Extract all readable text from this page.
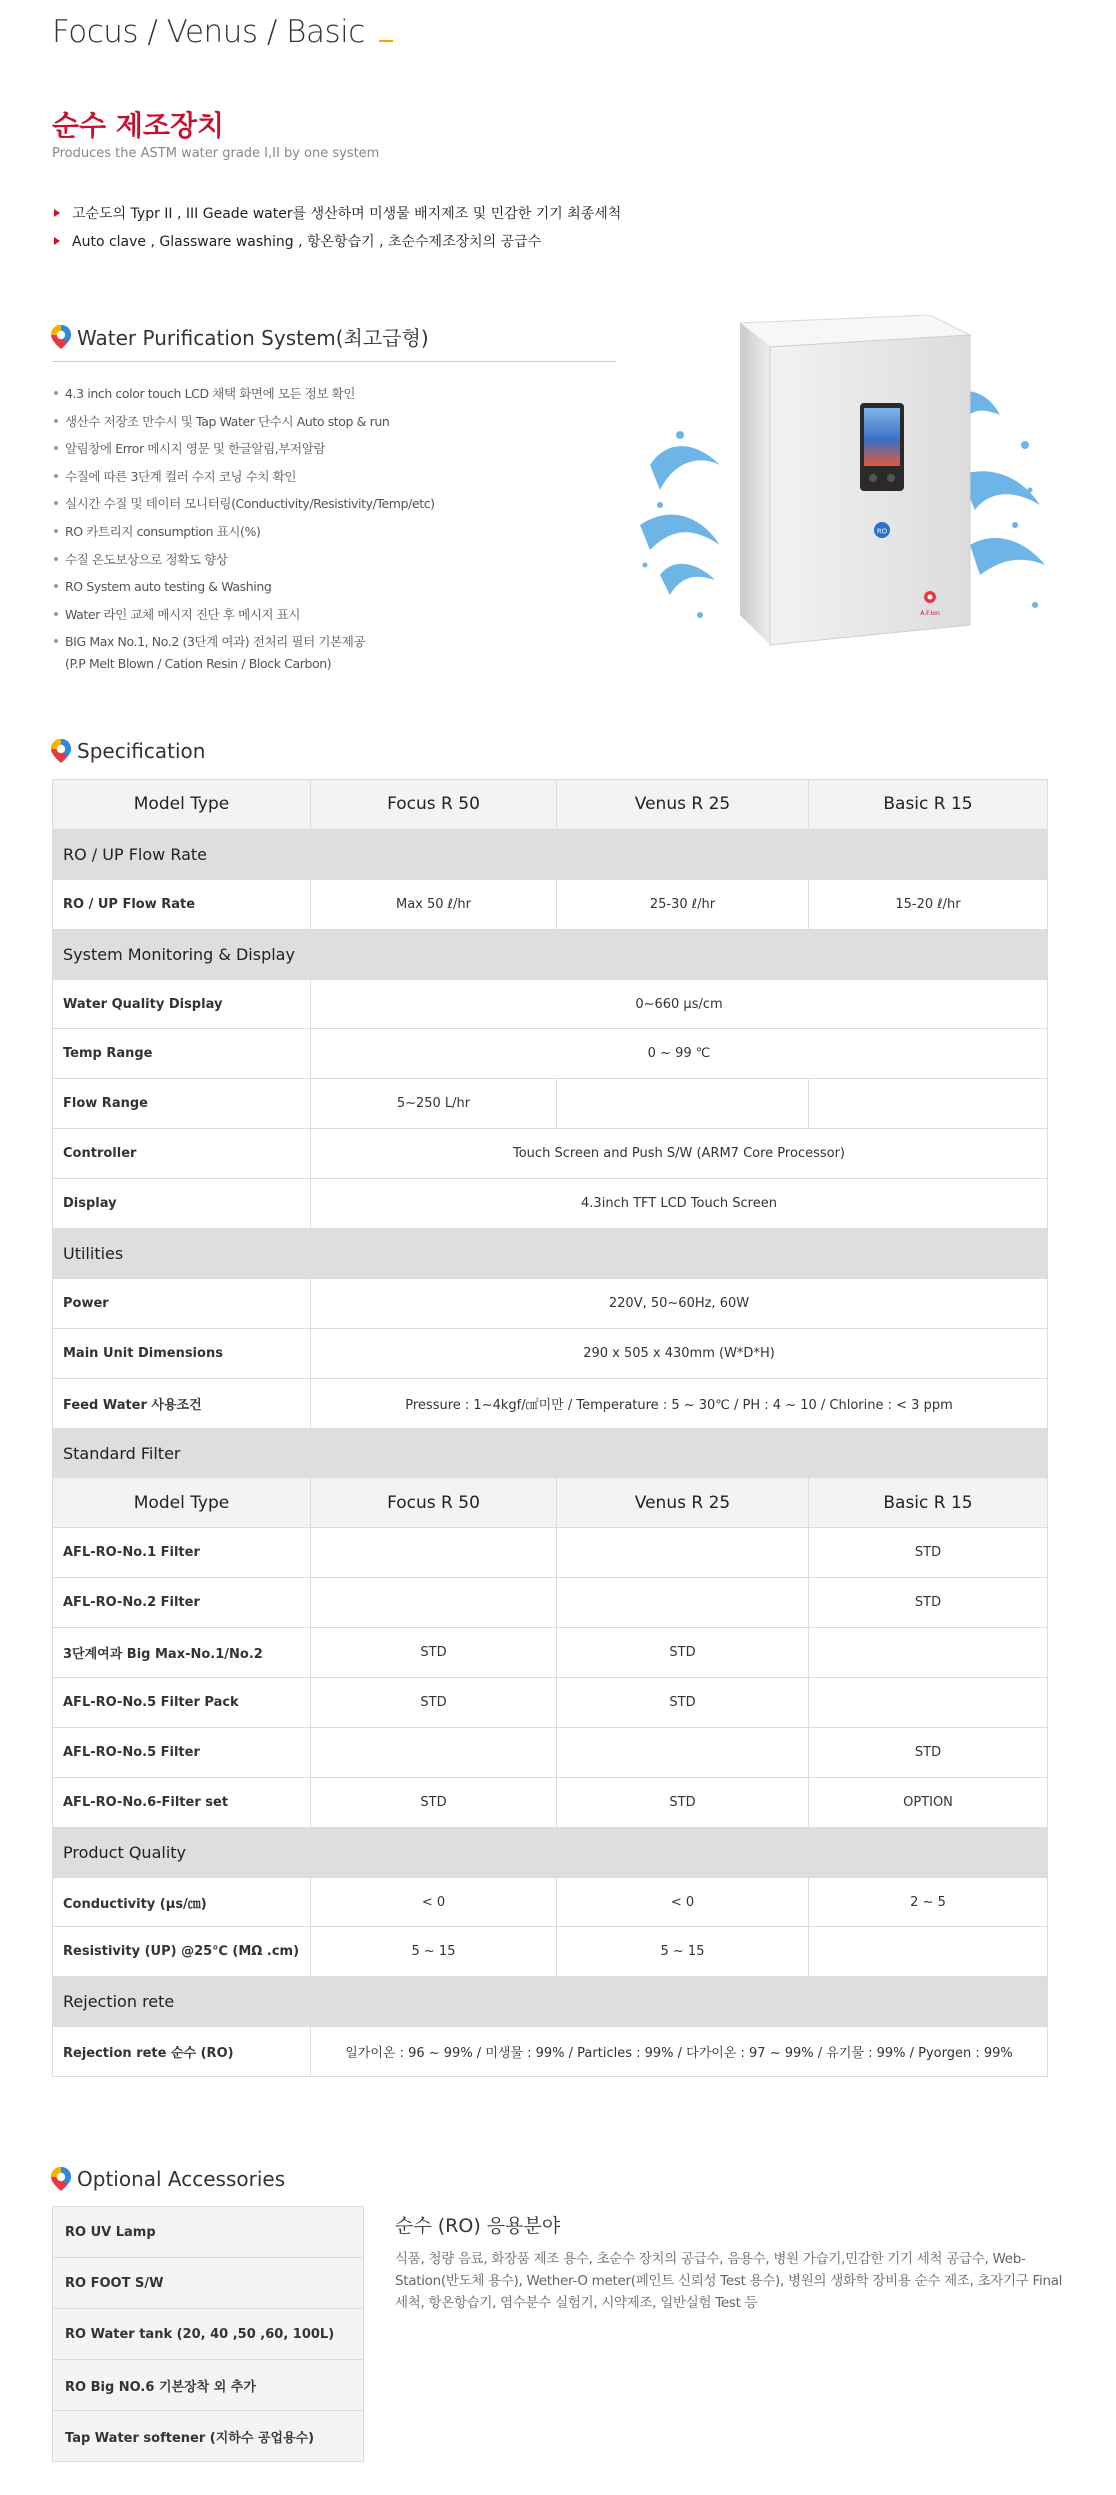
Focus / Venus / Basic
순수 제조장치
Produces the ASTM water grade I,II by one system
고순도의 Typr II , III Geade water를 생산하며 미생물 배지제조 및 민감한 기기 최종세척
Auto clave , Glassware washing , 항온항습기 , 초순수제조장치의 공급수
Water Purification System(최고급형)
4.3 inch color touch LCD 채택 화면에 모든 정보 확인
생산수 저장조 만수시 및 Tap Water 단수시 Auto stop & run
알림창에 Error 메시지 영문 및 한글알림,부저알람
수질에 따른 3단계 컬러 수지 코닝 수치 확인
실시간 수질 및 데이터 모니터링(Conductivity/Resistivity/Temp/etc)
RO 카트리지 consumption 표시(%)
수질 온도보상으로 정확도 향상
RO System auto testing & Washing
Water 라인 교체 메시지 진단 후 메시지 표시
BIG Max No.1, No.2 (3단계 여과) 전처리 필터 기본제공
(P.P Melt Blown / Cation Resin / Block Carbon)
RO
A.F.Ion
Specification
Model Type	Focus R 50	Venus R 25	Basic R 15
RO / UP Flow Rate			
RO / UP Flow Rate	Max 50 ℓ/hr	25-30 ℓ/hr	15-20 ℓ/hr
System Monitoring & Display			
Water Quality Display	0~660 μs/cm		
Temp Range	0 ~ 99 ℃		
Flow Range	5~250 L/hr		
Controller	Touch Screen and Push S/W (ARM7 Core Processor)		
Display	4.3inch TFT LCD Touch Screen		
Utilities			
Power	220V, 50~60Hz, 60W		
Main Unit Dimensions	290 x 505 x 430mm (W*D*H)		
Feed Water 사용조건	Pressure : 1~4kgf/㎠미만 / Temperature : 5 ~ 30℃ / PH : 4 ~ 10 / Chlorine : < 3 ppm		
Standard Filter			
Model Type	Focus R 50	Venus R 25	Basic R 15
AFL-RO-No.1 Filter			STD
AFL-RO-No.2 Filter			STD
3단계여과 Big Max-No.1/No.2	STD	STD	
AFL-RO-No.5 Filter Pack	STD	STD	
AFL-RO-No.5 Filter			STD
AFL-RO-No.6-Filter set	STD	STD	OPTION
Product Quality			
Conductivity (μs/㎝)	< 0	< 0	2 ~ 5
Resistivity (UP) @25℃ (MΩ .cm)	5 ~ 15	5 ~ 15	
Rejection rete			
Rejection rete 순수 (RO)	일가이온 : 96 ~ 99% / 미생물 : 99% / Particles : 99% / 다가이온 : 97 ~ 99% / 유기물 : 99% / Pyorgen : 99%		
Optional Accessories
RO UV Lamp
RO FOOT S/W
RO Water tank (20, 40 ,50 ,60, 100L)
RO Big NO.6 기본장착 외 추가
Tap Water softener (지하수 공업용수)
순수 (RO) 응용분야
식품, 청량 음료, 화장품 제조 용수, 초순수 장치의 공급수, 음용수, 병원 가습기,민감한 기기 세척 공급수, Web-Station(반도체 용수), Wether-O meter(페인트 신뢰성 Test 용수), 병원의 생화학 장비용 순수 제조, 초자기구 Final 세척, 항온항습기, 염수분수 실험기, 시약제조, 일반실험 Test 등
